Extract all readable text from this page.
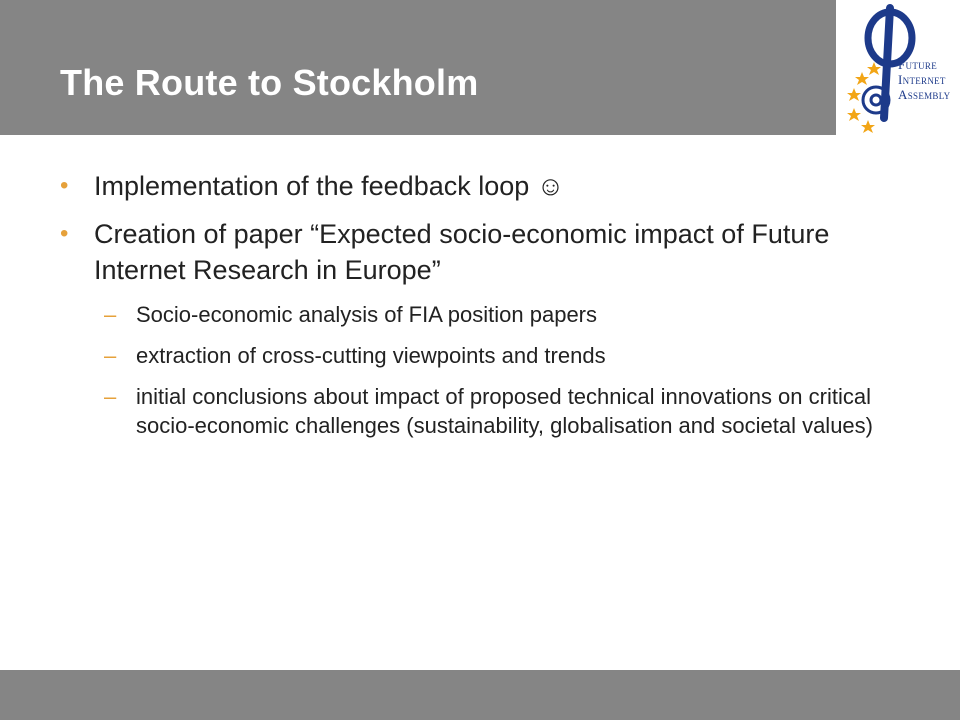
The Route to Stockholm	FUTURE
INTERNET
ASSEMBLY
• Implementation of the feedback loop ☺
• Creation of paper “Expected socio-economic impact of Future Internet Research in Europe”
– Socio-economic analysis of FIA position papers
– extraction of cross-cutting viewpoints and trends
– initial conclusions about impact of proposed technical innovations on critical socio-economic challenges (sustainability, globalisation and societal values)
